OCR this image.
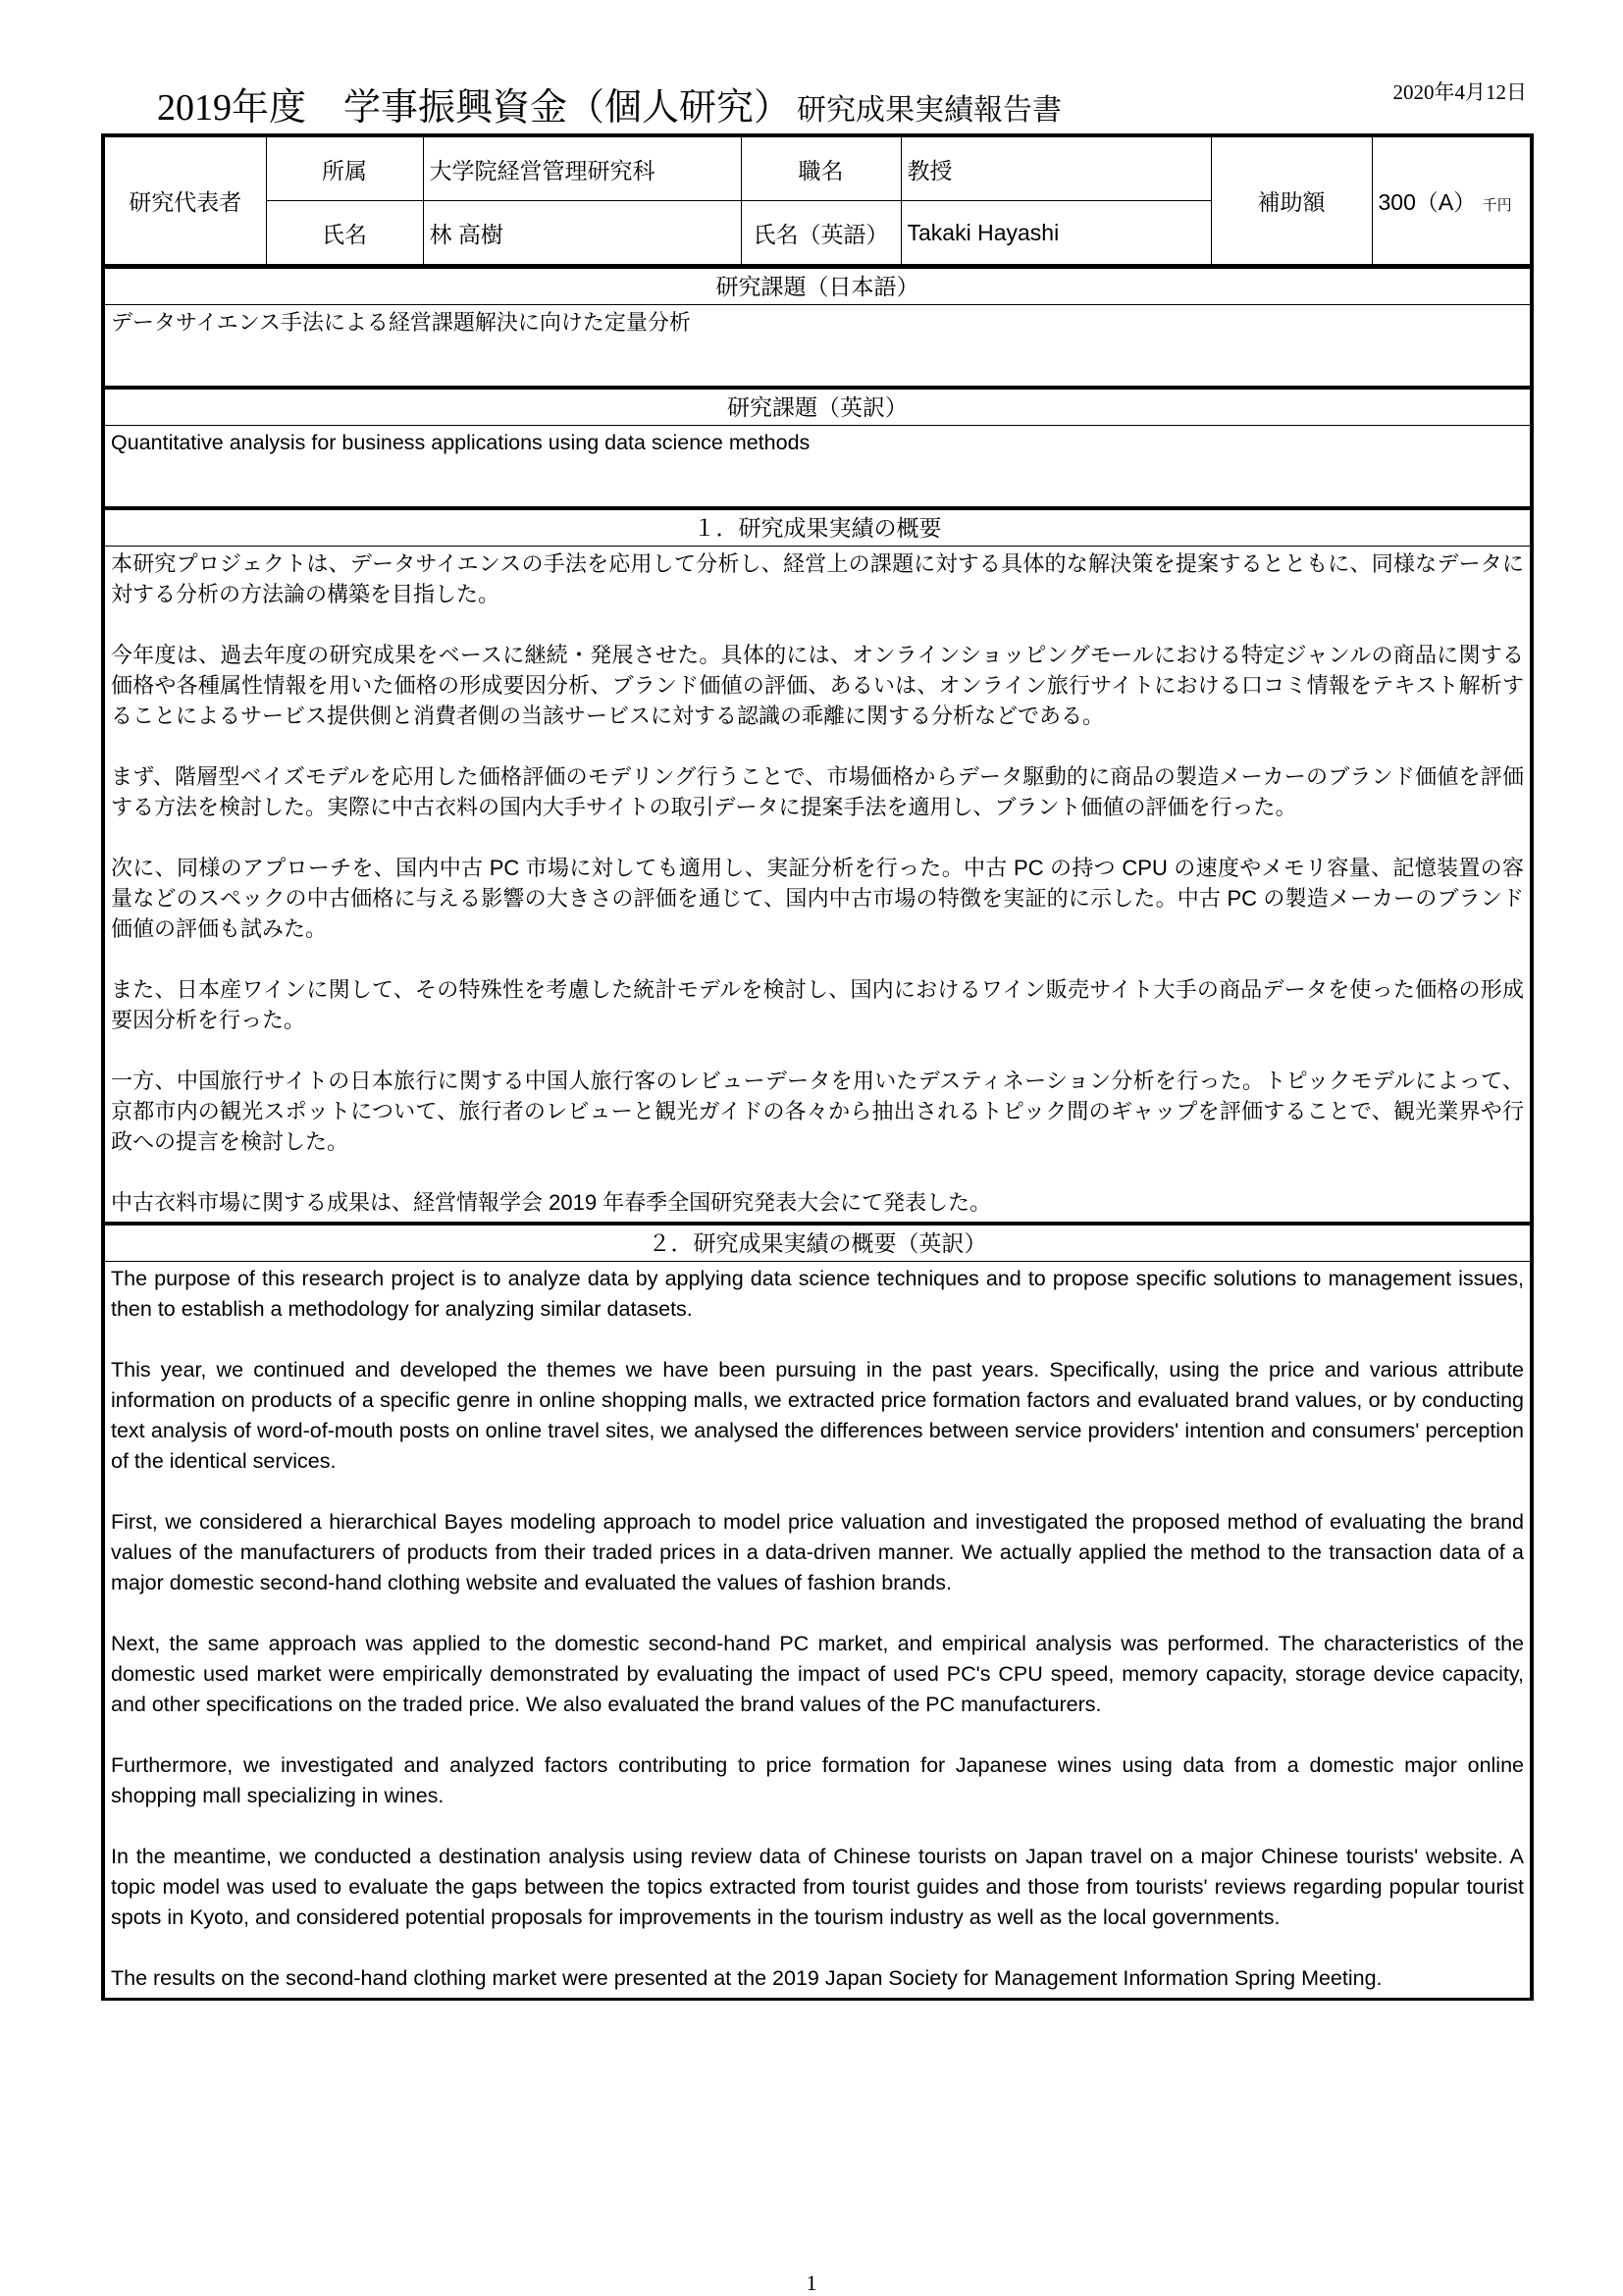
2019年度　学事振興資金（個人研究） 研究成果実績報告書
2020年4月12日
研究代表者	所属	大学院経営管理研究科	職名	教授	補助額	300（A） 千円
	氏名	林 高樹	氏名（英語）	Takaki Hayashi		
研究課題（日本語）

データサイエンス手法による経営課題解決に向けた定量分析

研究課題（英訳）

Quantitative analysis for business applications using data science methods

１．研究成果実績の概要

本研究プロジェクトは、データサイエンスの手法を応用して分析し、経営上の課題に対する具体的な解決策を提案するとともに、同様なデータに対する分析の方法論の構築を目指した。

今年度は、過去年度の研究成果をベースに継続・発展させた。具体的には、オンラインショッピングモールにおける特定ジャンルの商品に関する価格や各種属性情報を用いた価格の形成要因分析、ブランド価値の評価、あるいは、オンライン旅行サイトにおける口コミ情報をテキスト解析することによるサービス提供側と消費者側の当該サービスに対する認識の乖離に関する分析などである。

まず、階層型ベイズモデルを応用した価格評価のモデリング行うことで、市場価格からデータ駆動的に商品の製造メーカーのブランド価値を評価する方法を検討した。実際に中古衣料の国内大手サイトの取引データに提案手法を適用し、ブラント価値の評価を行った。

次に、同様のアプローチを、国内中古 PC 市場に対しても適用し、実証分析を行った。中古 PC の持つ CPU の速度やメモリ容量、記憶装置の容量などのスペックの中古価格に与える影響の大きさの評価を通じて、国内中古市場の特徴を実証的に示した。中古 PC の製造メーカーのブランド価値の評価も試みた。

また、日本産ワインに関して、その特殊性を考慮した統計モデルを検討し、国内におけるワイン販売サイト大手の商品データを使った価格の形成要因分析を行った。

一方、中国旅行サイトの日本旅行に関する中国人旅行客のレビューデータを用いたデスティネーション分析を行った。トピックモデルによって、京都市内の観光スポットについて、旅行者のレビューと観光ガイドの各々から抽出されるトピック間のギャップを評価することで、観光業界や行政への提言を検討した。

中古衣料市場に関する成果は、経営情報学会 2019 年春季全国研究発表大会にて発表した。

２．研究成果実績の概要（英訳）

The purpose of this research project is to analyze data by applying data science techniques and to propose specific solutions to management issues, then to establish a methodology for analyzing similar datasets.

This year, we continued and developed the themes we have been pursuing in the past years. Specifically, using the price and various attribute information on products of a specific genre in online shopping malls, we extracted price formation factors and evaluated brand values, or by conducting text analysis of word-of-mouth posts on online travel sites, we analysed the differences between service providers' intention and consumers' perception of the identical services.

First, we considered a hierarchical Bayes modeling approach to model price valuation and investigated the proposed method of evaluating the brand values of the manufacturers of products from their traded prices in a data-driven manner. We actually applied the method to the transaction data of a major domestic second-hand clothing website and evaluated the values of fashion brands.

Next, the same approach was applied to the domestic second-hand PC market, and empirical analysis was performed. The characteristics of the domestic used market were empirically demonstrated by evaluating the impact of used PC's CPU speed, memory capacity, storage device capacity, and other specifications on the traded price. We also evaluated the brand values of the PC manufacturers.

Furthermore, we investigated and analyzed factors contributing to price formation for Japanese wines using data from a domestic major online shopping mall specializing in wines.

In the meantime, we conducted a destination analysis using review data of Chinese tourists on Japan travel on a major Chinese tourists' website. A topic model was used to evaluate the gaps between the topics extracted from tourist guides and those from tourists' reviews regarding popular tourist spots in Kyoto, and considered potential proposals for improvements in the tourism industry as well as the local governments.

The results on the second-hand clothing market were presented at the 2019 Japan Society for Management Information Spring Meeting.

1
